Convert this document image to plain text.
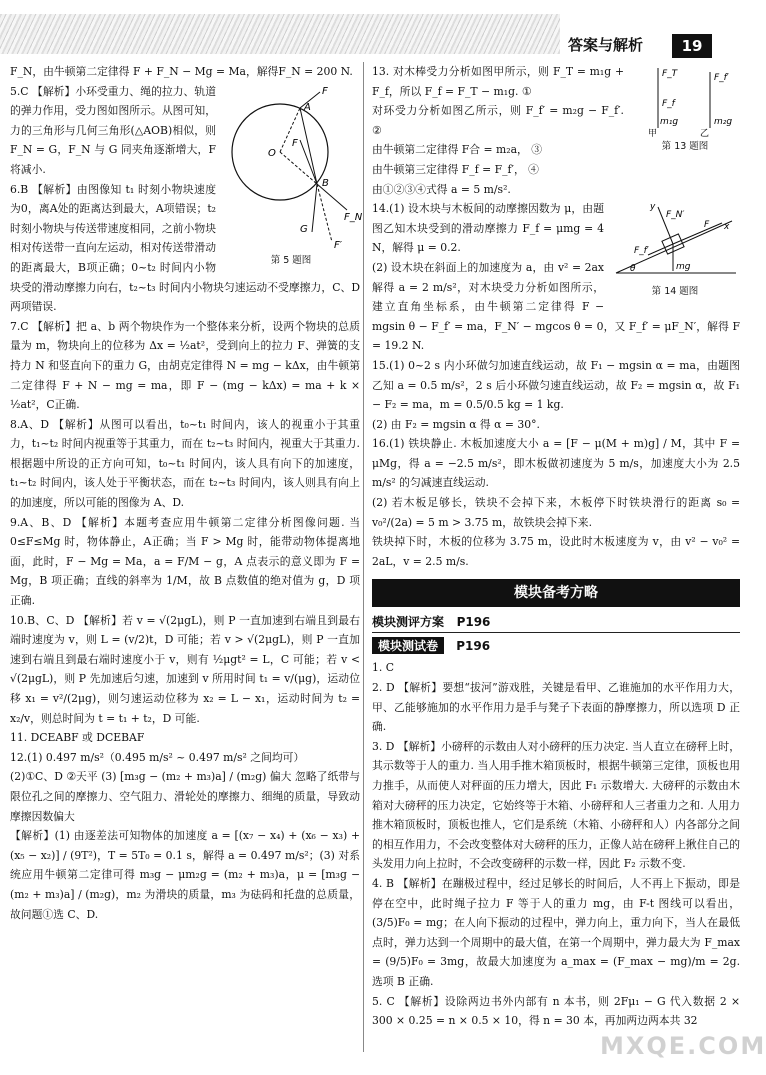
答案与解析	19

F_N，由牛顿第二定律得 F + F_N − Mg = Ma，解得F_N = 200 N.

F
A
O
F
B
F_N
G
F′
第 5 题图

5.C 【解析】小环受重力、绳的拉力、轨道的弹力作用，受力图如图所示。从图可知，力的三角形与几何三角形(△AOB)相似，则 F_N = G，F_N 与 G 同夹角逐渐增大，F 将减小.

6.B 【解析】由图像知 t₁ 时刻小物块速度为0，离A处的距离达到最大，A项错误；t₂ 时刻小物块与传送带速度相同，之前小物块相对传送带一直向左运动，相对传送带滑动的距离最大，B项正确；0~t₂ 时间内小物块受的滑动摩擦力向右，t₂~t₃ 时间内小物块匀速运动不受摩擦力，C、D两项错误.

7.C 【解析】把 a、b 两个物块作为一个整体来分析，设两个物块的总质量为 m，物块向上的位移为 Δx = ½at²，受到向上的拉力 F、弹簧的支持力 N 和竖直向下的重力 G，由胡克定律得 N = mg − kΔx，由牛顿第二定律得 F + N − mg = ma，即 F − (mg − kΔx) = ma + k × ½at²，C正确.

8.A、D 【解析】从图可以看出，t₀~t₁ 时间内，该人的视重小于其重力，t₁~t₂ 时间内视重等于其重力，而在 t₂~t₃ 时间内，视重大于其重力. 根据题中所设的正方向可知，t₀~t₁ 时间内，该人具有向下的加速度，t₁~t₂ 时间内，该人处于平衡状态，而在 t₂~t₃ 时间内，该人则具有向上的加速度，所以可能的图像为 A、D.

9.A、B、D 【解析】本题考查应用牛顿第二定律分析图像问题. 当 0≤F≤Mg 时，物体静止，A正确；当 F > Mg 时，能带动物体提离地面，此时，F − Mg = Ma，a = F/M − g，A 点表示的意义即为 F = Mg，B 项正确；直线的斜率为 1/M，故 B 点数值的绝对值为 g，D 项正确.

10.B、C、D 【解析】若 v = √(2μgL)，则 P 一直加速到右端且到最右端时速度为 v，则 L = (v/2)t，D 可能；若 v > √(2μgL)，则 P 一直加速到右端且到最右端时速度小于 v，则有 ½μgt² = L，C 可能；若 v < √(2μgL)，则 P 先加速后匀速，加速到 v 所用时间 t₁ = v/(μg)，运动位移 x₁ = v²/(2μg)，则匀速运动位移为 x₂ = L − x₁，运动时间为 t₂ = x₂/v，则总时间为 t = t₁ + t₂，D 可能.

11. DCEABF 或 DCEBAF

12.(1) 0.497 m/s²（0.495 m/s² ~ 0.497 m/s² 之间均可）

(2)①C、D ②天平 (3) [m₃g − (m₂ + m₃)a] / (m₂g) 偏大 忽略了纸带与限位孔之间的摩擦力、空气阻力、滑轮处的摩擦力、细绳的质量，导致动摩擦因数偏大

【解析】(1) 由逐差法可知物体的加速度 a = [(x₇ − x₄) + (x₆ − x₃) + (x₅ − x₂)] / (9T²)，T = 5T₀ = 0.1 s，解得 a = 0.497 m/s²；(3) 对系统应用牛顿第二定律可得 m₃g − μm₂g = (m₂ + m₃)a，μ = [m₃g − (m₂ + m₃)a] / (m₂g)，m₂ 为滑块的质量，m₃ 为砝码和托盘的总质量，故问题①选 C、D.

F_T
F_f
F_f′
m₁g	m₂g
甲	乙
第 13 题图

13. 对木棒受力分析如图甲所示，则 F_T = m₁g + F_f，所以 F_f = F_T − m₁g. ①

对环受力分析如图乙所示，则 F_f′ = m₂g − F_f′. ②

由牛顿第二定律得 F合 = m₂a， ③

由牛顿第三定律得 F_f = F_f′， ④

由①②③④式得 a = 5 m/s².

y
F_N′
F x
F_f′
θ	mg
第 14 题图

14.(1) 设木块与木板间的动摩擦因数为 μ，由题图乙知木块受到的滑动摩擦力 F_f = μmg = 4 N，解得 μ = 0.2.

(2) 设木块在斜面上的加速度为 a，由 v² = 2ax 解得 a = 2 m/s²，对木块受力分析如图所示，建立直角坐标系，由牛顿第二定律得 F − mgsin θ − F_f′ = ma，F_N′ − mgcos θ = 0，又 F_f′ = μF_N′，解得 F = 19.2 N.

15.(1) 0~2 s 内小环做匀加速直线运动，故 F₁ − mgsin α = ma，由题图乙知 a = 0.5 m/s²，2 s 后小环做匀速直线运动，故 F₂ = mgsin α，故 F₁ − F₂ = ma，m = 0.5/0.5 kg = 1 kg.

(2) 由 F₂ = mgsin α 得 α = 30°.

16.(1) 铁块静止. 木板加速度大小 a = [F − μ(M + m)g] / M，其中 F = μMg，得 a = −2.5 m/s²，即木板做初速度为 5 m/s，加速度大小为 2.5 m/s² 的匀减速直线运动.

(2) 若木板足够长，铁块不会掉下来，木板停下时铁块滑行的距离 s₀ = v₀²/(2a) = 5 m > 3.75 m，故铁块会掉下来.

铁块掉下时，木板的位移为 3.75 m，设此时木板速度为 v，由 v² − v₀² = 2aL，v = 2.5 m/s.

模块备考方略
模块测评方案 P196
模块测试卷 P196

1. C

2. D 【解析】要想“拔河”游戏胜，关键是看甲、乙谁施加的水平作用力大，甲、乙能够施加的水平作用力是手与凳子下表面的静摩擦力，所以选项 D 正确.

3. D 【解析】小磅秤的示数由人对小磅秤的压力决定. 当人直立在磅秤上时，其示数等于人的重力. 当人用手推木箱顶板时，根据牛顿第三定律，顶板也用力推手，从而使人对秤面的压力增大，因此 F₁ 示数增大. 大磅秤的示数由木箱对大磅秤的压力决定，它始终等于木箱、小磅秤和人三者重力之和. 人用力推木箱顶板时，顶板也推人，它们是系统（木箱、小磅秤和人）内各部分之间的相互作用力，不会改变整体对大磅秤的压力，正像人站在磅秤上揪住自己的头发用力向上拉时，不会改变磅秤的示数一样，因此 F₂ 示数不变.

4. B 【解析】在蹦极过程中，经过足够长的时间后，人不再上下振动，即是停在空中，此时绳子拉力 F 等于人的重力 mg，由 F-t 图线可以看出，(3/5)F₀ = mg；在人向下振动的过程中，弹力向上，重力向下，当人在最低点时，弹力达到一个周期中的最大值，在第一个周期中，弹力最大为 F_max = (9/5)F₀ = 3mg，故最大加速度为 a_max = (F_max − mg)/m = 2g. 选项 B 正确.

5. C 【解析】设除两边书外内部有 n 本书，则 2Fμ₁ − G 代入数据 2 × 300 × 0.25 = n × 0.5 × 10，得 n = 30 本，再加两边两本共 32

MXQE.COM
